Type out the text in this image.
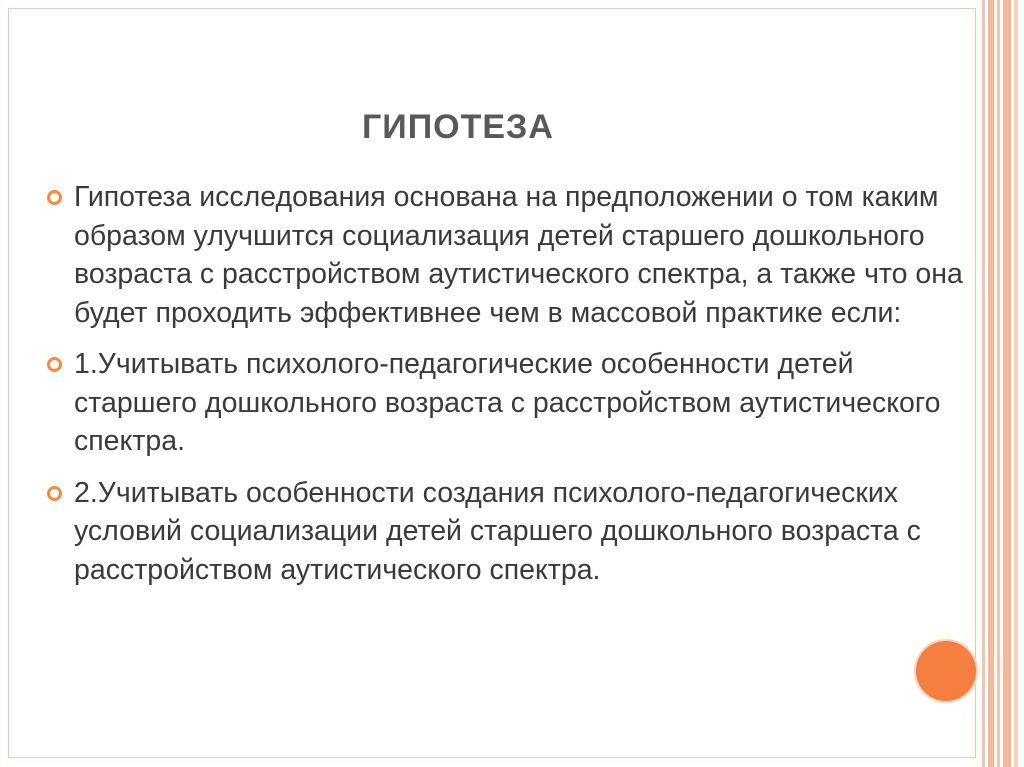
ГИПОТЕЗА
Гипотеза исследования основана на предположении о том каким образом улучшится социализация детей старшего дошкольного возраста с расстройством аутистического спектра, а также что она будет проходить эффективнее чем в массовой практике если:
1.Учитывать психолого-педагогические особенности детей старшего дошкольного возраста с расстройством аутистического спектра.
2.Учитывать особенности создания психолого-педагогических условий социализации детей старшего дошкольного возраста с расстройством аутистического спектра.
